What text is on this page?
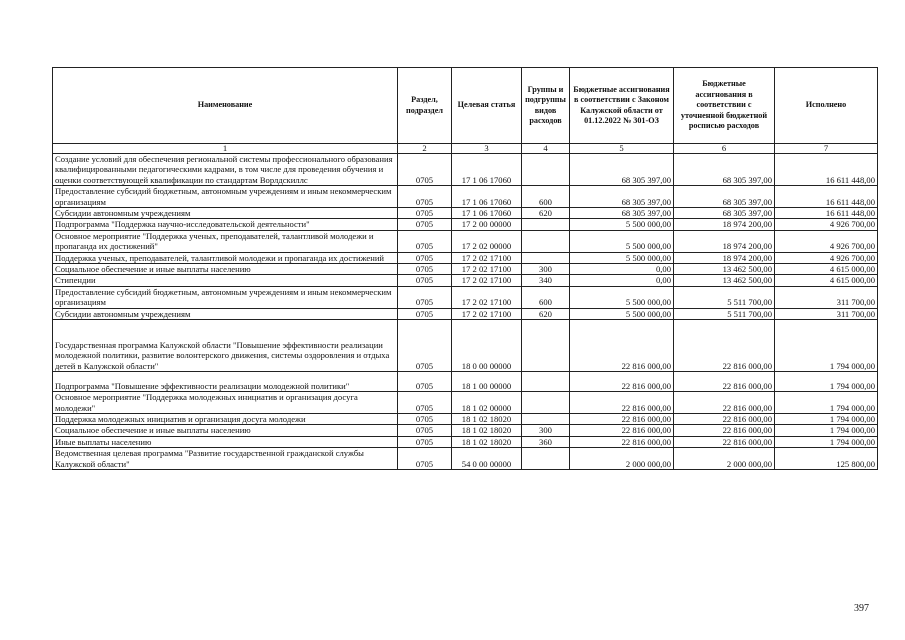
Наименование	Раздел, подраздел	Целевая статья	Группы и подгруппы видов расходов	Бюджетные ассигнования в соответствии с Законом Калужской области от 01.12.2022 № 301-ОЗ	Бюджетные ассигнования в соответствии с уточненной бюджетной росписью расходов	Исполнено
1	2	3	4	5	6	7
Создание условий для обеспечения региональной системы профессионального образования квалифицированными педагогическими кадрами, в том числе для проведения обучения и оценки соответствующей квалификации по стандартам Ворлдскиллс	0705	17 1 06 17060		68 305 397,00	68 305 397,00	16 611 448,00
Предоставление субсидий бюджетным, автономным учреждениям и иным некоммерческим организациям	0705	17 1 06 17060	600	68 305 397,00	68 305 397,00	16 611 448,00
Субсидии автономным учреждениям	0705	17 1 06 17060	620	68 305 397,00	68 305 397,00	16 611 448,00
Подпрограмма "Поддержка научно-исследовательской деятельности"	0705	17 2 00 00000		5 500 000,00	18 974 200,00	4 926 700,00
Основное мероприятие "Поддержка ученых, преподавателей, талантливой молодежи и пропаганда их достижений"	0705	17 2 02 00000		5 500 000,00	18 974 200,00	4 926 700,00
Поддержка ученых, преподавателей, талантливой молодежи и пропаганда их достижений	0705	17 2 02 17100		5 500 000,00	18 974 200,00	4 926 700,00
Социальное обеспечение и иные выплаты населению	0705	17 2 02 17100	300	0,00	13 462 500,00	4 615 000,00
Стипендии	0705	17 2 02 17100	340	0,00	13 462 500,00	4 615 000,00
Предоставление субсидий бюджетным, автономным учреждениям и иным некоммерческим организациям	0705	17 2 02 17100	600	5 500 000,00	5 511 700,00	311 700,00
Субсидии автономным учреждениям	0705	17 2 02 17100	620	5 500 000,00	5 511 700,00	311 700,00
Государственная программа Калужской области "Повышение эффективности реализации молодежной политики, развитие волонтерского движения, системы оздоровления и отдыха детей в Калужской области"	0705	18 0 00 00000		22 816 000,00	22 816 000,00	1 794 000,00
Подпрограмма "Повышение эффективности реализации молодежной политики"	0705	18 1 00 00000		22 816 000,00	22 816 000,00	1 794 000,00
Основное мероприятие "Поддержка молодежных инициатив и организация досуга молодежи"	0705	18 1 02 00000		22 816 000,00	22 816 000,00	1 794 000,00
Поддержка молодежных инициатив и организация досуга молодежи	0705	18 1 02 18020		22 816 000,00	22 816 000,00	1 794 000,00
Социальное обеспечение и иные выплаты населению	0705	18 1 02 18020	300	22 816 000,00	22 816 000,00	1 794 000,00
Иные выплаты населению	0705	18 1 02 18020	360	22 816 000,00	22 816 000,00	1 794 000,00
Ведомственная целевая программа "Развитие государственной гражданской службы Калужской области"	0705	54 0 00 00000		2 000 000,00	2 000 000,00	125 800,00
397
